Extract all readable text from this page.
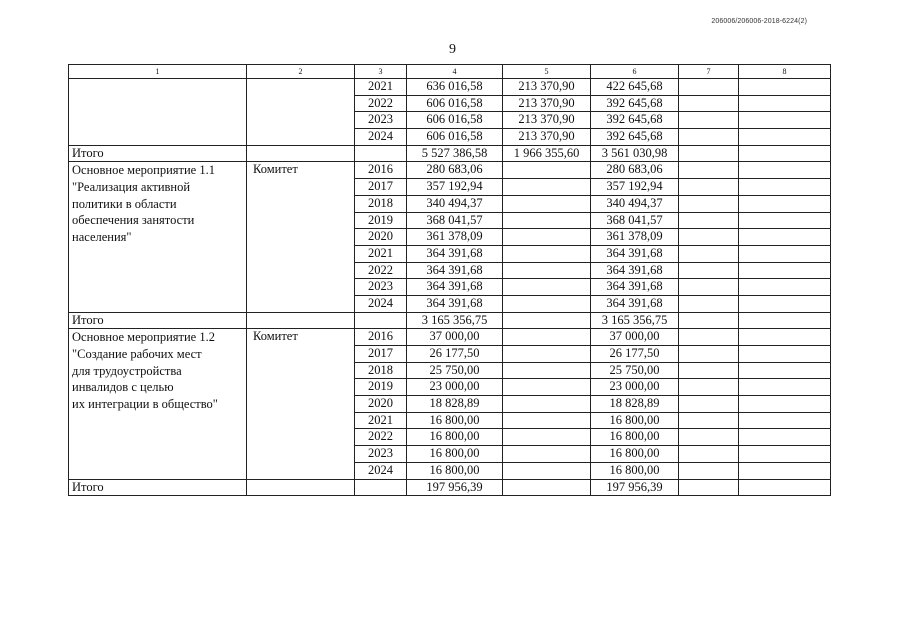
206006/206006-2018-6224(2)
9
1	2	3	4	5	6	7	8
		2021	636 016,58	213 370,90	422 645,68		
		2022	606 016,58	213 370,90	392 645,68		
		2023	606 016,58	213 370,90	392 645,68		
		2024	606 016,58	213 370,90	392 645,68		
Итого			5 527 386,58	1 966 355,60	3 561 030,98		

Основное мероприятие 1.1
"Реализация активной
политики в области
обеспечения занятости
населения"	Комитет	2016	280 683,06		280 683,06		
		2017	357 192,94		357 192,94		
		2018	340 494,37		340 494,37		
		2019	368 041,57		368 041,57		
		2020	361 378,09		361 378,09		
		2021	364 391,68		364 391,68		
		2022	364 391,68		364 391,68		
		2023	364 391,68		364 391,68		
		2024	364 391,68		364 391,68		
Итого			3 165 356,75		3 165 356,75		

Основное мероприятие 1.2
"Создание рабочих мест
для трудоустройства
инвалидов с целью
их интеграции в общество"	Комитет	2016	37 000,00		37 000,00		
		2017	26 177,50		26 177,50		
		2018	25 750,00		25 750,00		
		2019	23 000,00		23 000,00		
		2020	18 828,89		18 828,89		
		2021	16 800,00		16 800,00		
		2022	16 800,00		16 800,00		
		2023	16 800,00		16 800,00		
		2024	16 800,00		16 800,00		
Итого			197 956,39		197 956,39		
